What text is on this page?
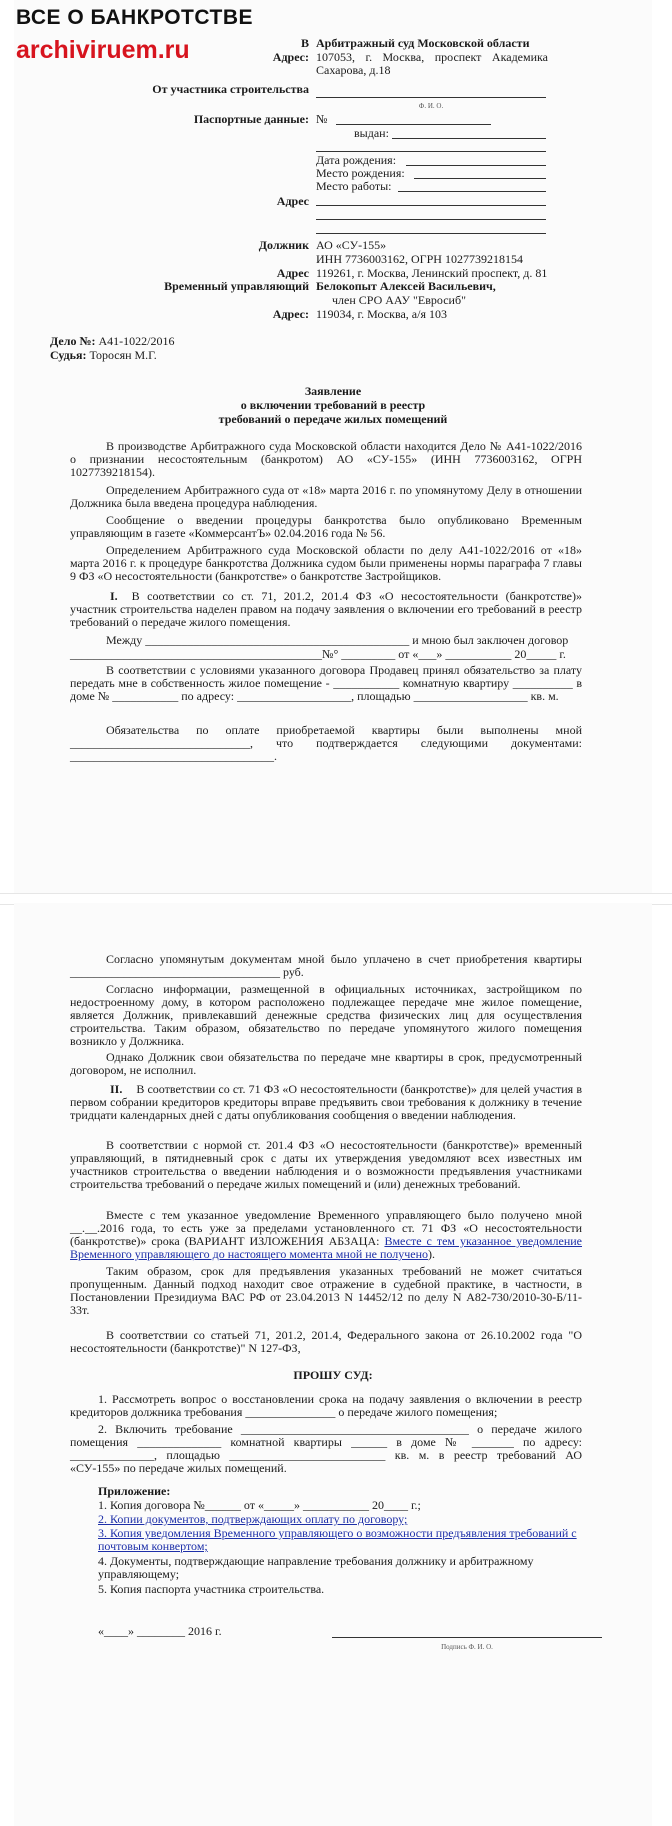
ВСЕ О БАНКРОТСТВЕ
archiviruem.ru	В Арбитражный суд Московской области
Адрес: 107053, г. Москва, проспект Академика Сахарова, д.18
От участника строительства
Ф. И. О.
Паспортные данные: №
выдан:
Дата рождения:
Место рождения:
Место работы:
Адрес
Должник АО «СУ-155»
ИНН 7736003162, ОГРН 1027739218154
Адрес 119261, г. Москва, Ленинский проспект, д. 81
Временный управляющий Белокопыт Алексей Васильевич,
член СРО ААУ "Евросиб"
Адрес: 119034, г. Москва, а/я 103
Дело №: А41-1022/2016
Судья: Торосян М.Г.
Заявление
о включении требований в реестр
требований о передаче жилых помещений
В производстве Арбитражного суда Московской области находится Дело № А41-1022/2016 о признании несостоятельным (банкротом) АО «СУ-155» (ИНН 7736003162, ОГРН 1027739218154).
Определением Арбитражного суда от «18» марта 2016 г. по упомянутому Делу в отношении Должника была введена процедура наблюдения.
Сообщение о введении процедуры банкротства было опубликовано Временным управляющим в газете «КоммерсантЪ» 02.04.2016 года № 56.
Определением Арбитражного суда Московской области по делу А41-1022/2016 от «18» марта 2016 г. к процедуре банкротства Должника судом были применены нормы параграфа 7 главы 9 ФЗ «О несостоятельности (банкротстве» о банкротстве Застройщиков.
I. В соответствии со ст. 71, 201.2, 201.4 ФЗ «О несостоятельности (банкротстве)» участник строительства наделен правом на подачу заявления о включении его требований в реестр требований о передаче жилого помещения.
Между ____________________________________________ и мною был заключен договор
__________________________________________№° _________ от «___» ___________ 20_____ г.
В соответствии с условиями указанного договора Продавец принял обязательство за плату передать мне в собственность жилое помещение - ___________ комнатную квартиру __________ в доме № ___________ по адресу: ___________________, площадью ___________________ кв. м.
Обязательства по оплате приобретаемой квартиры были выполнены мной ______________________________, что подтверждается следующими документами: __________________________________.
Согласно упомянутым документам мной было уплачено в счет приобретения квартиры ___________________________________ руб.
Согласно информации, размещенной в официальных источниках, застройщиком по недостроенному дому, в котором расположено подлежащее передаче мне жилое помещение, является Должник, привлекавший денежные средства физических лиц для осуществления строительства. Таким образом, обязательство по передаче упомянутого жилого помещения возникло у Должника.
Однако Должник свои обязательства по передаче мне квартиры в срок, предусмотренный договором, не исполнил.
II. В соответствии со ст. 71 ФЗ «О несостоятельности (банкротстве)» для целей участия в первом собрании кредиторов кредиторы вправе предъявить свои требования к должнику в течение тридцати календарных дней с даты опубликования сообщения о введении наблюдения.
В соответствии с нормой ст. 201.4 ФЗ «О несостоятельности (банкротстве)» временный управляющий, в пятидневный срок с даты их утверждения уведомляют всех известных им участников строительства о введении наблюдения и о возможности предъявления участниками строительства требований о передаче жилых помещений и (или) денежных требований.
Вместе с тем указанное уведомление Временного управляющего было получено мной __.__.2016 года, то есть уже за пределами установленного ст. 71 ФЗ «О несостоятельности (банкротстве)» срока (ВАРИАНТ ИЗЛОЖЕНИЯ АБЗАЦА: Вместе с тем указанное уведомление Временного управляющего до настоящего момента мной не получено).
Таким образом, срок для предъявления указанных требований не может считаться пропущенным. Данный подход находит свое отражение в судебной практике, в частности, в Постановлении Президиума ВАС РФ от 23.04.2013 N 14452/12 по делу N А82-730/2010-30-Б/11-33т.
В соответствии со статьей 71, 201.2, 201.4, Федерального закона от 26.10.2002 года "О несостоятельности (банкротстве)" N 127-ФЗ,
ПРОШУ СУД:
1. Рассмотреть вопрос о восстановлении срока на подачу заявления о включении в реестр кредиторов должника требования _______________ о передаче жилого помещения;
2. Включить требование ______________________________________ о передаче жилого помещения ______________ комнатной квартиры ______ в доме № _______ по адресу: ______________, площадью __________________________ кв. м. в реестр требований АО «СУ-155» по передаче жилых помещений.
Приложение:
1. Копия договора №______ от «_____» ___________ 20____ г.;
2. Копии документов, подтверждающих оплату по договору;
3. Копия уведомления Временного управляющего о возможности предъявления требований с почтовым конвертом;
4. Документы, подтверждающие направление требования должнику и арбитражному управляющему;
5. Копия паспорта участника строительства.
«____» ________ 2016 г.
Подпись Ф. И. О.
